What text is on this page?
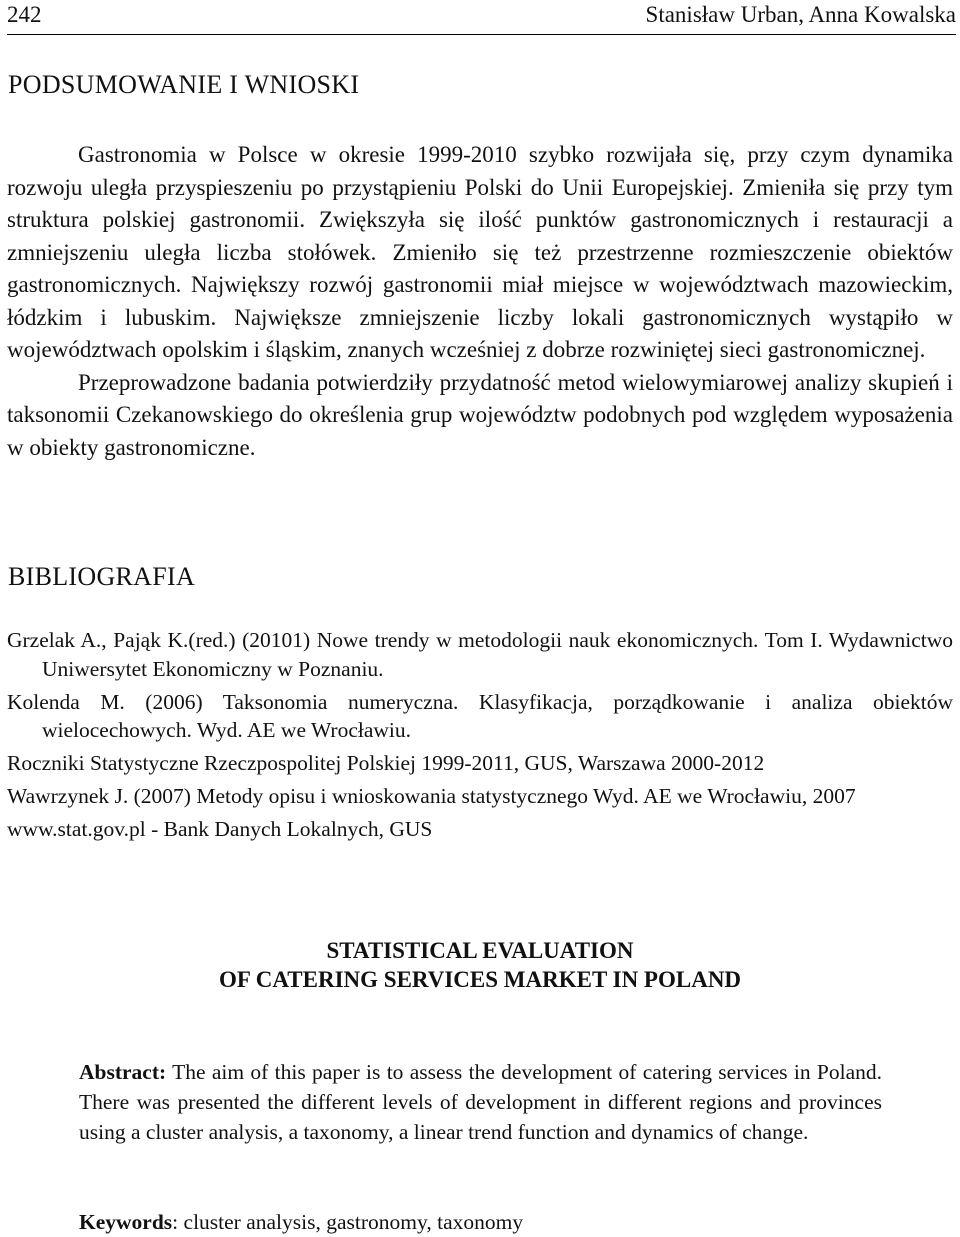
242	Stanisław Urban, Anna Kowalska
PODSUMOWANIE I WNIOSKI

Gastronomia w Polsce w okresie 1999-2010 szybko rozwijała się, przy czym dynamika rozwoju uległa przyspieszeniu po przystąpieniu Polski do Unii Europejskiej. Zmieniła się przy tym struktura polskiej gastronomii. Zwiększyła się ilość punktów gastronomicznych i restauracji a zmniejszeniu uległa liczba stołówek. Zmieniło się też przestrzenne rozmieszczenie obiektów gastronomicznych. Największy rozwój gastronomii miał miejsce w województwach mazowieckim, łódzkim i lubuskim. Największe zmniejszenie liczby lokali gastronomicznych wystąpiło w województwach opolskim i śląskim, znanych wcześniej z dobrze rozwiniętej sieci gastronomicznej.

Przeprowadzone badania potwierdziły przydatność metod wielowymiarowej analizy skupień i taksonomii Czekanowskiego do określenia grup województw podobnych pod względem wyposażenia w obiekty gastronomiczne.

BIBLIOGRAFIA
Grzelak A., Pająk K.(red.) (20101) Nowe trendy w metodologii nauk ekonomicznych. Tom I. Wydawnictwo Uniwersytet Ekonomiczny w Poznaniu.
Kolenda M. (2006) Taksonomia numeryczna. Klasyfikacja, porządkowanie i analiza obiektów wielocechowych. Wyd. AE we Wrocławiu.
Roczniki Statystyczne Rzeczpospolitej Polskiej 1999-2011, GUS, Warszawa 2000-2012
Wawrzynek J. (2007) Metody opisu i wnioskowania statystycznego Wyd. AE we Wrocławiu, 2007
www.stat.gov.pl - Bank Danych Lokalnych, GUS
STATISTICAL EVALUATION
OF CATERING SERVICES MARKET IN POLAND

Abstract: The aim of this paper is to assess the development of catering services in Poland. There was presented the different levels of development in different regions and provinces using a cluster analysis, a taxonomy, a linear trend function and dynamics of change.

Keywords: cluster analysis, gastronomy, taxonomy
